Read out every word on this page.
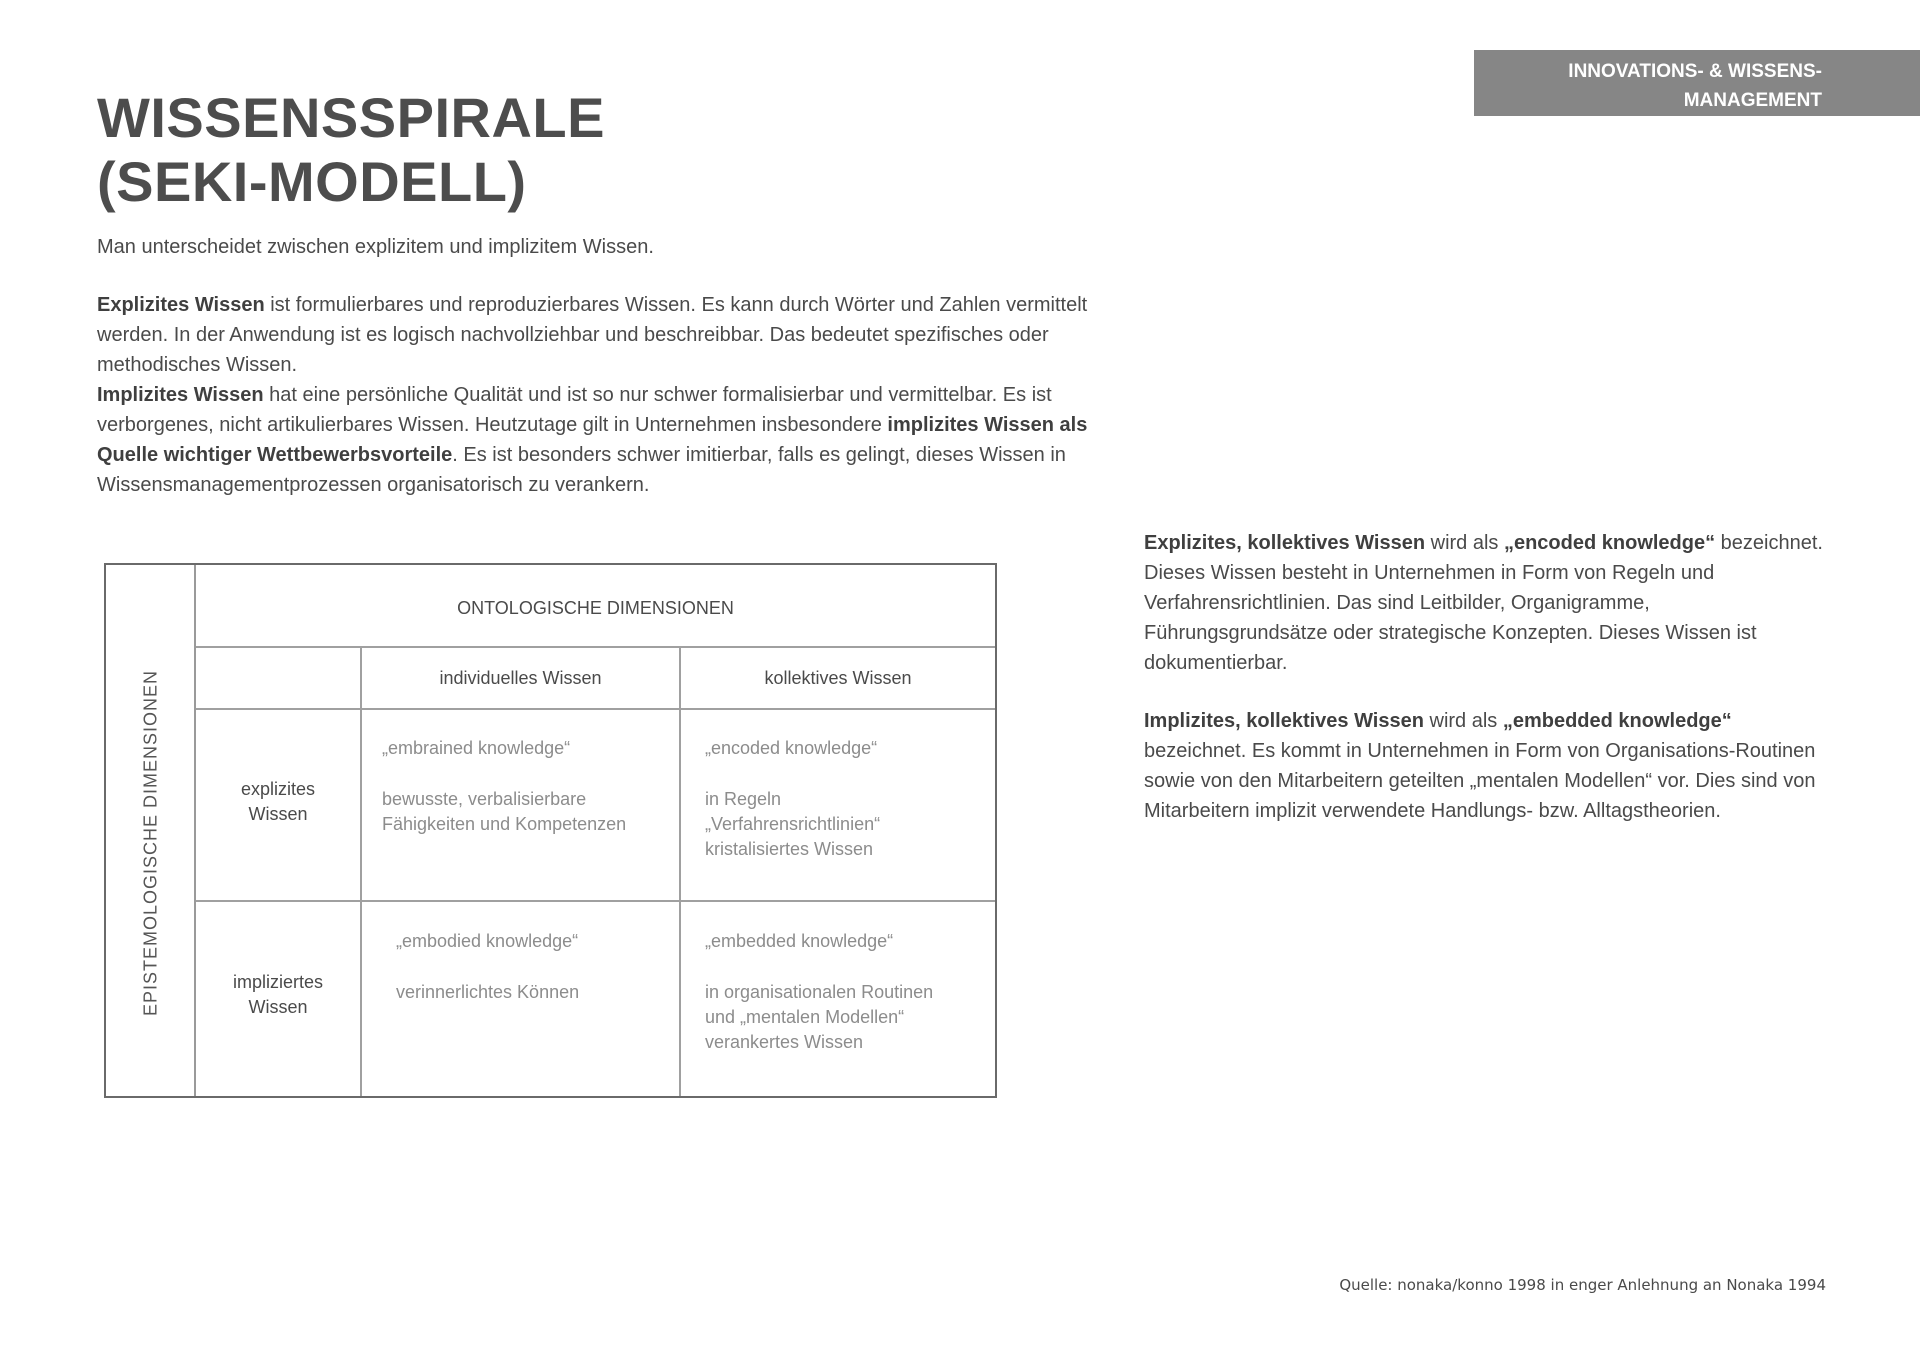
INNOVATIONS- & WISSENS-
MANAGEMENT
WISSENSSPIRALE
(SEKI-MODELL)

Man unterscheidet zwischen explizitem und implizitem Wissen.

Explizites Wissen ist formulierbares und reproduzierbares Wissen. Es kann durch Wörter und Zahlen vermittelt werden. In der Anwendung ist es logisch nachvollziehbar und beschreibbar. Das bedeutet spezifisches oder methodisches Wissen.

Implizites Wissen hat eine persönliche Qualität und ist so nur schwer formalisierbar und vermittelbar. Es ist verborgenes, nicht artikulierbares Wissen. Heutzutage gilt in Unternehmen insbesondere implizites Wissen als Quelle wichtiger Wettbewerbsvorteile. Es ist besonders schwer imitierbar, falls es gelingt, dieses Wissen in Wissensmanagementprozessen organisatorisch zu verankern.

EPISTEMOLOGISCHE DIMENSIONEN
ONTOLOGISCHE DIMENSIONEN
individuelles Wissen	kollektives Wissen
explizites
Wissen
„embrained knowledge“
bewusste, verbalisierbare
Fähigkeiten und Kompetenzen
„encoded knowledge“
in Regeln
„Verfahrensrichtlinien“
kristalisiertes Wissen
impliziertes
Wissen
„embodied knowledge“
verinnerlichtes Können
„embedded knowledge“
in organisationalen Routinen
und „mentalen Modellen“
verankertes Wissen

Explizites, kollektives Wissen wird als „encoded knowledge“ bezeichnet. Dieses Wissen besteht in Unternehmen in Form von Regeln und Verfahrensrichtlinien. Das sind Leitbilder, Organigramme, Führungsgrundsätze oder strategische Konzepten. Dieses Wissen ist dokumentierbar.

Implizites, kollektives Wissen wird als „embedded knowledge“ bezeichnet. Es kommt in Unternehmen in Form von Organisations-Routinen sowie von den Mitarbeitern geteilten „mentalen Modellen“ vor. Dies sind von Mitarbeitern implizit verwendete Handlungs- bzw. Alltagstheorien.

Quelle: nonaka/konno 1998 in enger Anlehnung an Nonaka 1994
